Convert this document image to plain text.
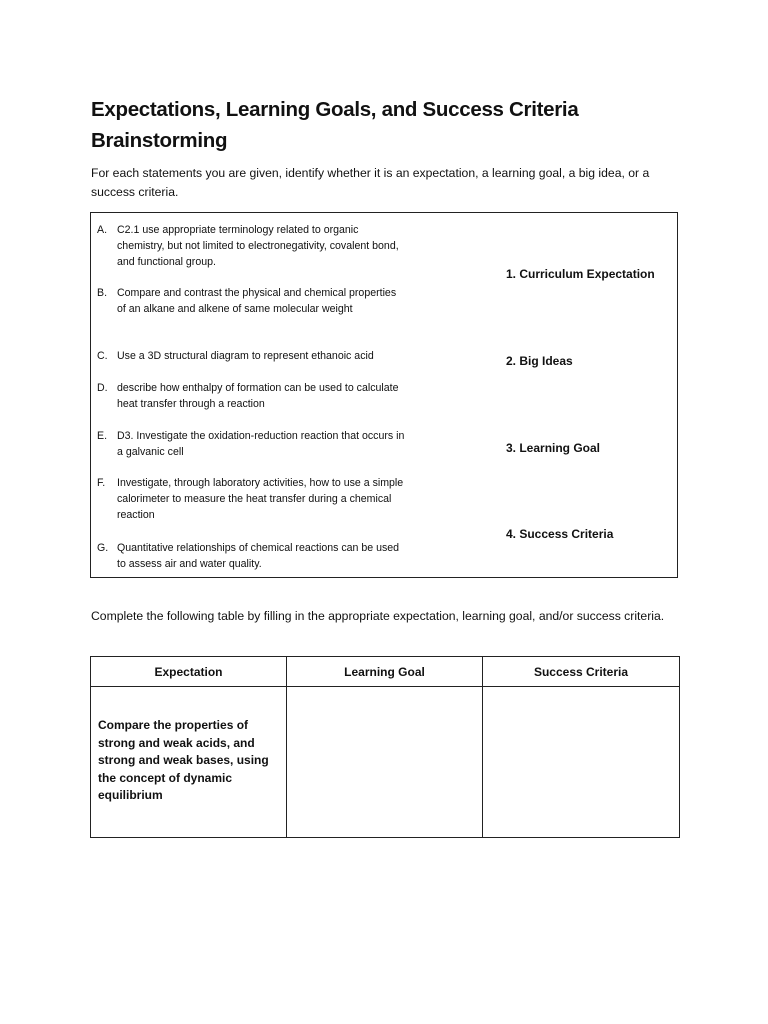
Expectations, Learning Goals, and Success Criteria
Brainstorming

For each statements you are given, identify whether it is an expectation, a learning goal, a big idea, or a success criteria.

A. C2.1 use appropriate terminology related to organic chemistry, but not limited to electronegativity, covalent bond, and functional group.
B. Compare and contrast the physical and chemical properties of an alkane and alkene of same molecular weight
C. Use a 3D structural diagram to represent ethanoic acid
D. describe how enthalpy of formation can be used to calculate heat transfer through a reaction
E. D3. Investigate the oxidation-reduction reaction that occurs in a galvanic cell
F. Investigate, through laboratory activities, how to use a simple calorimeter to measure the heat transfer during a chemical reaction
G. Quantitative relationships of chemical reactions can be used to assess air and water quality.
1. Curriculum Expectation
2. Big Ideas
3. Learning Goal
4. Success Criteria

Complete the following table by filling in the appropriate expectation, learning goal, and/or success criteria.

Expectation	Learning Goal	Success Criteria

Compare the properties of strong and weak acids, and strong and weak bases, using the concept of dynamic equilibrium		
